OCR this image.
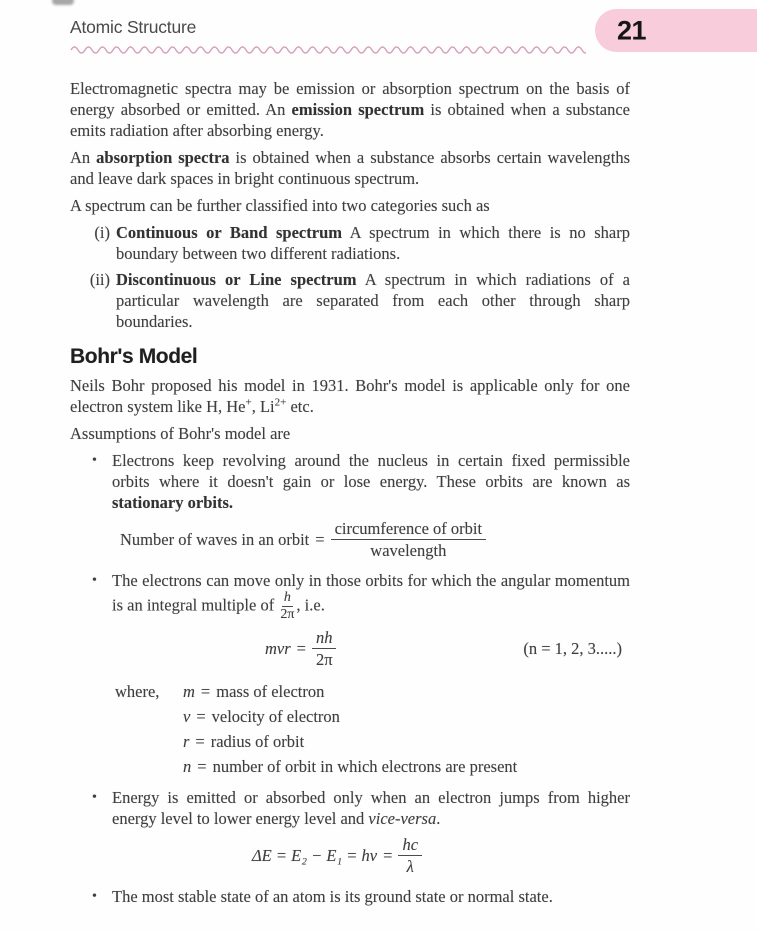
Atomic Structure	21

Electromagnetic spectra may be emission or absorption spectrum on the basis of energy absorbed or emitted. An emission spectrum is obtained when a substance emits radiation after absorbing energy.

An absorption spectra is obtained when a substance absorbs certain wavelengths and leave dark spaces in bright continuous spectrum.

A spectrum can be further classified into two categories such as

(i) Continuous or Band spectrum A spectrum in which there is no sharp boundary between two different radiations.
(ii) Discontinuous or Line spectrum A spectrum in which radiations of a particular wavelength are separated from each other through sharp boundaries.
Bohr's Model

Neils Bohr proposed his model in 1931. Bohr's model is applicable only for one electron system like H, He+, $Li^{2+}$ etc.

Assumptions of Bohr's model are

• Electrons keep revolving around the nucleus in certain fixed permissible orbits where it doesn't gain or lose energy. These orbits are known as stationary orbits.
Number of waves in an orbit = $\frac{\text{circumference of orbit}}{\text{wavelength}}$
• The electrons can move only in those orbits for which the angular momentum is an integral multiple of $\frac{h}{2\pi}$ , i.e.
mvr = $\frac{nh}{2\pi}$	(n = 1, 2, 3.....)
where,	m = mass of electron
v = velocity of electron
r = radius of orbit
n = number of orbit in which electrons are present
• Energy is emitted or absorbed only when an electron jumps from higher energy level to lower energy level and vice-versa.
$\Delta E = E_2 - E_1 = h\nu = \frac{hc}{\lambda}$
• The most stable state of an atom is its ground state or normal state.
